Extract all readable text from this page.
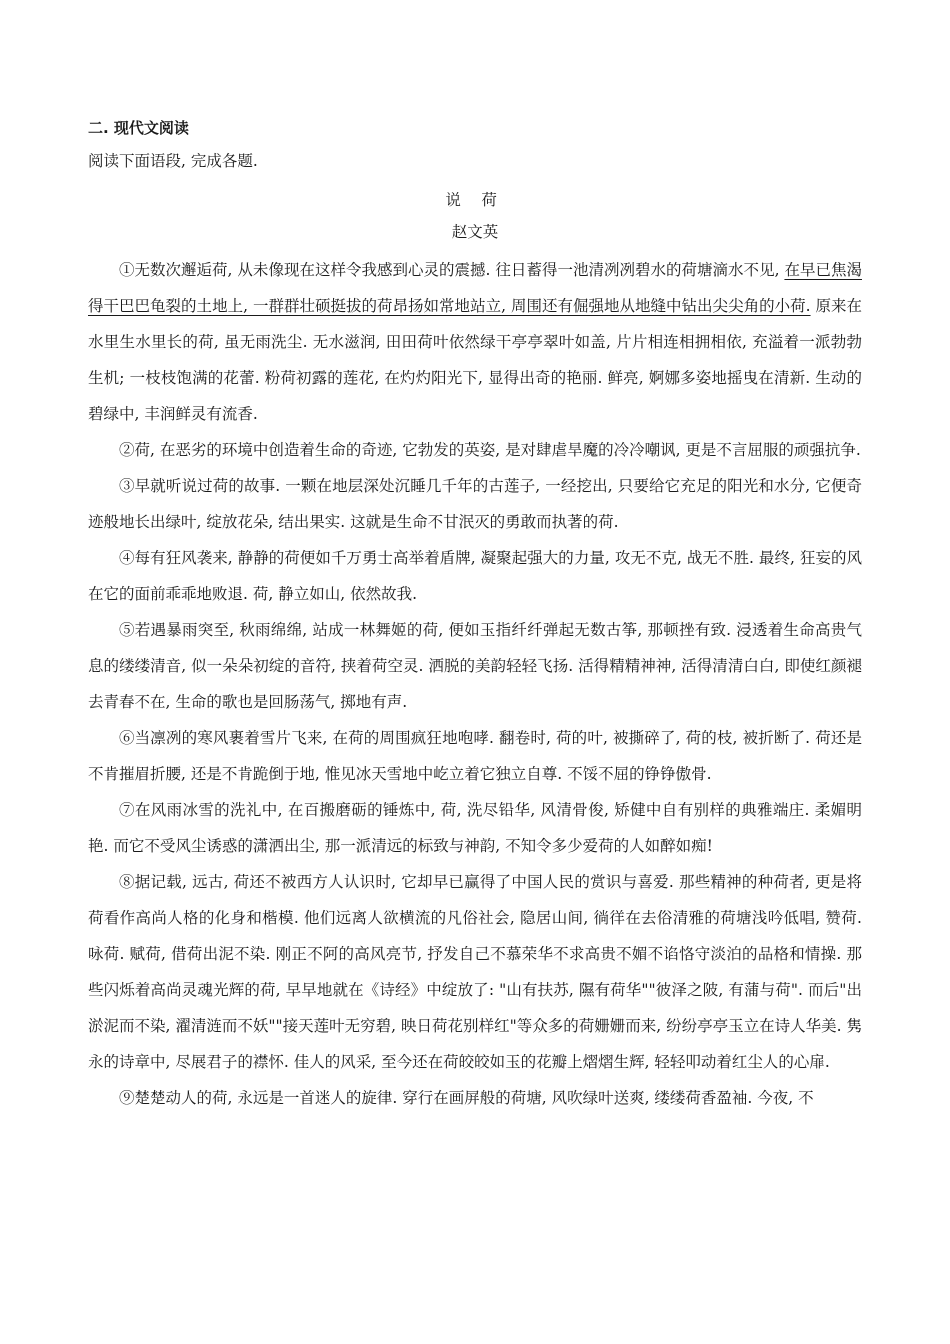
二. 现代文阅读
阅读下面语段, 完成各题.
说 荷
赵文英

①无数次邂逅荷, 从未像现在这样令我感到心灵的震撼. 往日蓄得一池清冽冽碧水的荷塘滴水不见, 在早已焦渴得干巴巴龟裂的土地上, 一群群壮硕挺拔的荷昂扬如常地站立, 周围还有倔强地从地缝中钻出尖尖角的小荷. 原来在水里生水里长的荷, 虽无雨洗尘. 无水滋润, 田田荷叶依然绿干亭亭翠叶如盖, 片片相连相拥相依, 充溢着一派勃勃生机; 一枝枝饱满的花蕾. 粉荷初露的莲花, 在灼灼阳光下, 显得出奇的艳丽. 鲜亮, 婀娜多姿地摇曳在清新. 生动的碧绿中, 丰润鲜灵有流香.

②荷, 在恶劣的环境中创造着生命的奇迹, 它勃发的英姿, 是对肆虐旱魔的冷冷嘲讽, 更是不言屈服的顽强抗争.

③早就听说过荷的故事. 一颗在地层深处沉睡几千年的古莲子, 一经挖出, 只要给它充足的阳光和水分, 它便奇迹般地长出绿叶, 绽放花朵, 结出果实. 这就是生命不甘泯灭的勇敢而执著的荷.

④每有狂风袭来, 静静的荷便如千万勇士高举着盾牌, 凝聚起强大的力量, 攻无不克, 战无不胜. 最终, 狂妄的风在它的面前乖乖地败退. 荷, 静立如山, 依然故我.

⑤若遇暴雨突至, 秋雨绵绵, 站成一林舞姬的荷, 便如玉指纤纤弹起无数古筝, 那顿挫有致. 浸透着生命高贵气息的缕缕清音, 似一朵朵初绽的音符, 挟着荷空灵. 洒脱的美韵轻轻飞扬. 活得精精神神, 活得清清白白, 即使红颜褪去青春不在, 生命的歌也是回肠荡气, 掷地有声.

⑥当凛冽的寒风裹着雪片飞来, 在荷的周围疯狂地咆哮. 翻卷时, 荷的叶, 被撕碎了, 荷的枝, 被折断了. 荷还是不肯摧眉折腰, 还是不肯跪倒于地, 惟见冰天雪地中屹立着它独立自尊. 不馁不屈的铮铮傲骨.

⑦在风雨冰雪的洗礼中, 在百搬磨砺的锤炼中, 荷, 洗尽铅华, 风清骨俊, 矫健中自有别样的典雅端庄. 柔媚明艳. 而它不受风尘诱惑的潇洒出尘, 那一派清远的标致与神韵, 不知令多少爱荷的人如醉如痴!

⑧据记载, 远古, 荷还不被西方人认识时, 它却早已赢得了中国人民的赏识与喜爱. 那些精神的种荷者, 更是将荷看作高尚人格的化身和楷模. 他们远离人欲横流的凡俗社会, 隐居山间, 徜徉在去俗清雅的荷塘浅吟低唱, 赞荷. 咏荷. 赋荷, 借荷出泥不染. 刚正不阿的高风亮节, 抒发自己不慕荣华不求高贵不媚不谄恪守淡泊的品格和情操. 那些闪烁着高尚灵魂光辉的荷, 早早地就在《诗经》中绽放了: "山有扶苏, 隰有荷华""彼泽之陂, 有蒲与荷". 而后"出淤泥而不染, 濯清涟而不妖""接天莲叶无穷碧, 映日荷花别样红"等众多的荷姗姗而来, 纷纷亭亭玉立在诗人华美. 隽永的诗章中, 尽展君子的襟怀. 佳人的风采, 至今还在荷皎皎如玉的花瓣上熠熠生辉, 轻轻叩动着红尘人的心扉.

⑨楚楚动人的荷, 永远是一首迷人的旋律. 穿行在画屏般的荷塘, 风吹绿叶送爽, 缕缕荷香盈袖. 今夜, 不
